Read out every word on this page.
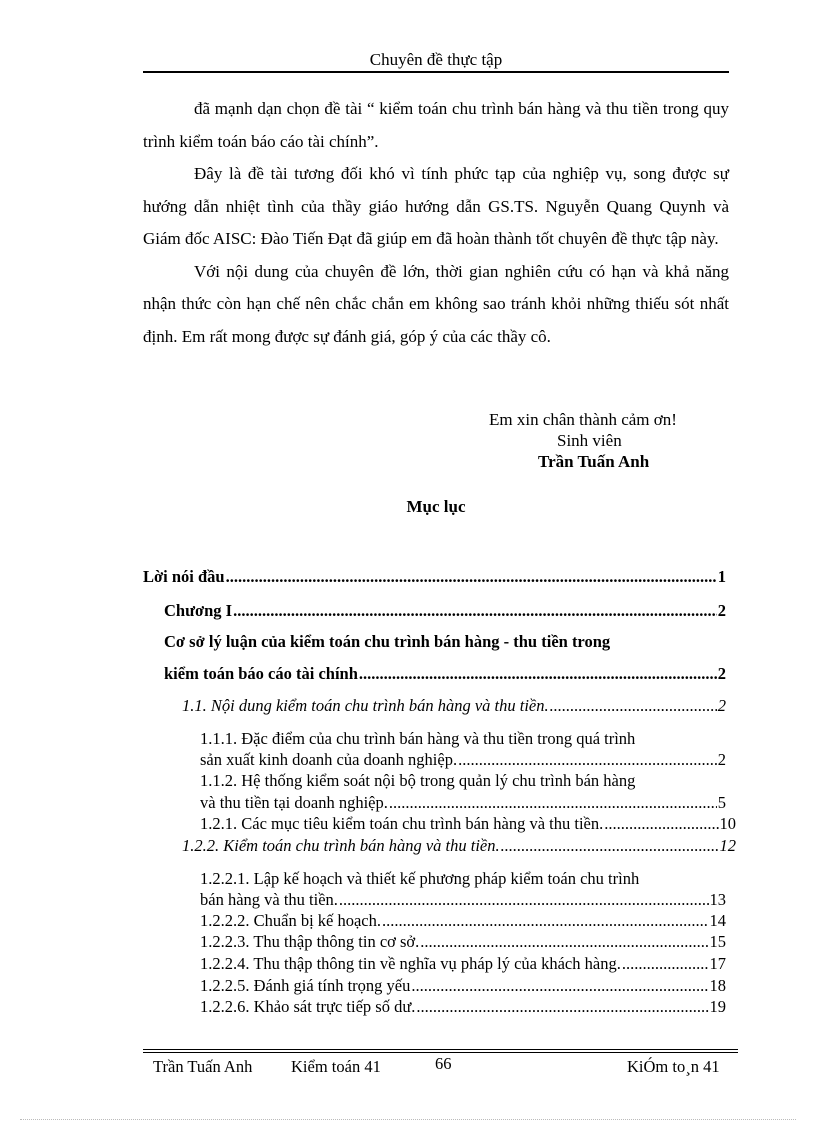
Chuyên đề thực tập

đã mạnh dạn chọn đề tài “ kiểm toán chu trình bán hàng và thu tiền trong quy trình kiểm toán báo cáo tài chính”.

Đây là đề tài tương đối khó vì tính phức tạp của nghiệp vụ, song được sự hướng dẫn nhiệt tình của thầy giáo hướng dẫn GS.TS. Nguyễn Quang Quynh và Giám đốc AISC: Đào Tiến Đạt đã giúp em đã hoàn thành tốt chuyên đề thực tập này.

Với nội dung của chuyên đề lớn, thời gian nghiên cứu có hạn và khả năng nhận thức còn hạn chế nên chắc chắn em không sao tránh khỏi những thiếu sót nhất định. Em rất mong được sự đánh giá, góp ý của các thầy cô.

Em xin chân thành cảm ơn!
Sinh viên
Trần Tuấn Anh
Mục lục
Lời nói đầu .....	1
Chương I .....	2
Cơ sở lý luận của kiểm toán chu trình bán hàng - thu tiền trong
kiểm toán báo cáo tài chính .....	2
1.1. Nội dung kiểm toán chu trình bán hàng và thu tiền. .....	2
1.1.1. Đặc điểm của chu trình bán hàng và thu tiền trong quá trình
sản xuất kinh doanh của doanh nghiệp. .....	2
1.1.2. Hệ thống kiểm soát nội bộ trong quản lý chu trình bán hàng
và thu tiền tại doanh nghiệp. .....	5
1.2.1. Các mục tiêu kiểm toán chu trình bán hàng và thu tiền. .....	10
1.2.2. Kiểm toán chu trình bán hàng và thu tiền. .....	12
1.2.2.1. Lập kế hoạch và thiết kế phương pháp kiểm toán chu trình
bán hàng và thu tiền. .....	13
1.2.2.2. Chuẩn bị kế hoạch. .....	14
1.2.2.3. Thu thập thông tin cơ sở. .....	15
1.2.2.4. Thu thập thông tin về nghĩa vụ pháp lý của khách hàng. .....	17
1.2.2.5. Đánh giá tính trọng yếu .....	18
1.2.2.6. Khảo sát trực tiếp số dư. .....	19
Trần Tuấn Anh Kiểm toán 41	66	KiÓm to¸n 41
